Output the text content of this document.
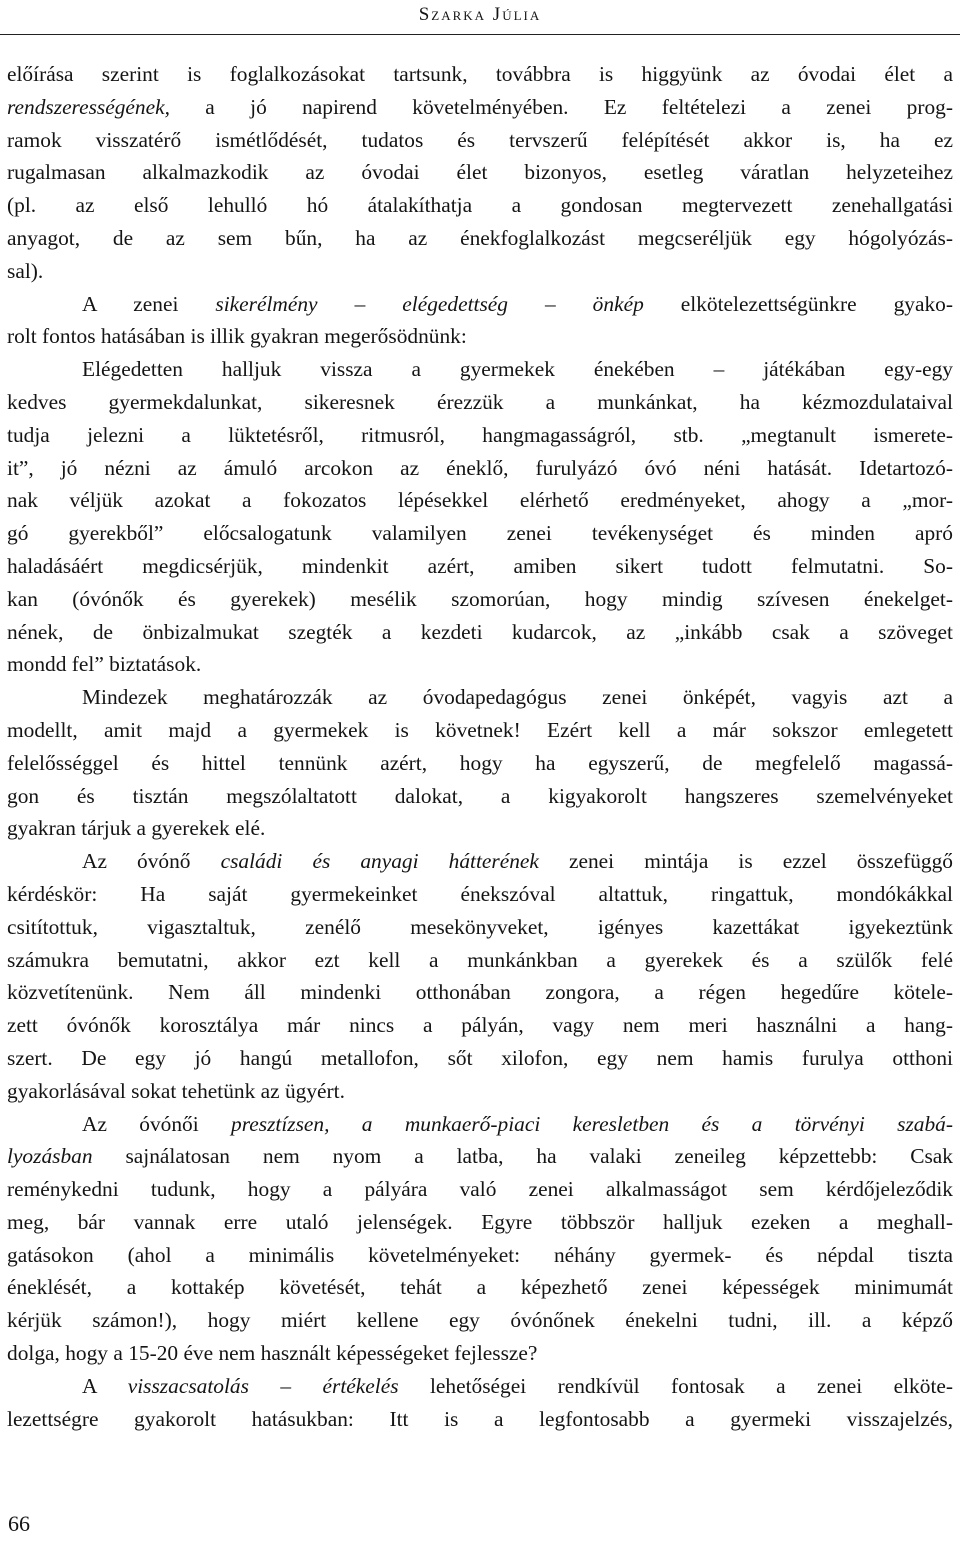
Szarka Júlia
előírása szerint is foglalkozásokat tartsunk, továbbra is higgyünk az óvodai élet a
rendszerességének, a jó napirend követelményében. Ez feltételezi a zenei prog-
ramok visszatérő ismétlődését, tudatos és tervszerű felépítését akkor is, ha ez
rugalmasan alkalmazkodik az óvodai élet bizonyos, esetleg váratlan helyzeteihez
(pl. az első lehulló hó átalakíthatja a gondosan megtervezett zenehallgatási
anyagot, de az sem bűn, ha az énekfoglalkozást megcseréljük egy hógolyózás-
sal).
A zenei sikerélmény – elégedettség – önkép elkötelezettségünkre gyako-
rolt fontos hatásában is illik gyakran megerősödnünk:
Elégedetten halljuk vissza a gyermekek énekében – játékában egy-egy
kedves gyermekdalunkat, sikeresnek érezzük a munkánkat, ha kézmozdulataival
tudja jelezni a lüktetésről, ritmusról, hangmagasságról, stb. „megtanult ismerete-
it”, jó nézni az ámuló arcokon az éneklő, furulyázó óvó néni hatását. Idetartozó-
nak véljük azokat a fokozatos lépésekkel elérhető eredményeket, ahogy a „mor-
gó gyerekből” előcsalogatunk valamilyen zenei tevékenységet és minden apró
haladásáért megdicsérjük, mindenkit azért, amiben sikert tudott felmutatni. So-
kan (óvónők és gyerekek) mesélik szomorúan, hogy mindig szívesen énekelget-
nének, de önbizalmukat szegték a kezdeti kudarcok, az „inkább csak a szöveget
mondd fel” biztatások.
Mindezek meghatározzák az óvodapedagógus zenei önképét, vagyis azt a
modellt, amit majd a gyermekek is követnek! Ezért kell a már sokszor emlegetett
felelősséggel és hittel tennünk azért, hogy ha egyszerű, de megfelelő magassá-
gon és tisztán megszólaltatott dalokat, a kigyakorolt hangszeres szemelvényeket
gyakran tárjuk a gyerekek elé.
Az óvónő családi és anyagi hátterének zenei mintája is ezzel összefüggő
kérdéskör: Ha saját gyermekeinket énekszóval altattuk, ringattuk, mondókákkal
csitítottuk, vigasztaltuk, zenélő mesekönyveket, igényes kazettákat igyekeztünk
számukra bemutatni, akkor ezt kell a munkánkban a gyerekek és a szülők felé
közvetítenünk. Nem áll mindenki otthonában zongora, a régen hegedűre kötele-
zett óvónők korosztálya már nincs a pályán, vagy nem meri használni a hang-
szert. De egy jó hangú metallofon, sőt xilofon, egy nem hamis furulya otthoni
gyakorlásával sokat tehetünk az ügyért.
Az óvónői presztízsen, a munkaerő-piaci keresletben és a törvényi szabá-
lyozásban sajnálatosan nem nyom a latba, ha valaki zeneileg képzettebb: Csak
reménykedni tudunk, hogy a pályára való zenei alkalmasságot sem kérdőjeleződik
meg, bár vannak erre utaló jelenségek. Egyre többször halljuk ezeken a meghall-
gatásokon (ahol a minimális követelményeket: néhány gyermek- és népdal tiszta
éneklését, a kottakép követését, tehát a képezhető zenei képességek minimumát
kérjük számon!), hogy miért kellene egy óvónőnek énekelni tudni, ill. a képző
dolga, hogy a 15-20 éve nem használt képességeket fejlessze?
A visszacsatolás – értékelés lehetőségei rendkívül fontosak a zenei elköte-
lezettségre gyakorolt hatásukban: Itt is a legfontosabb a gyermeki visszajelzés,
66
